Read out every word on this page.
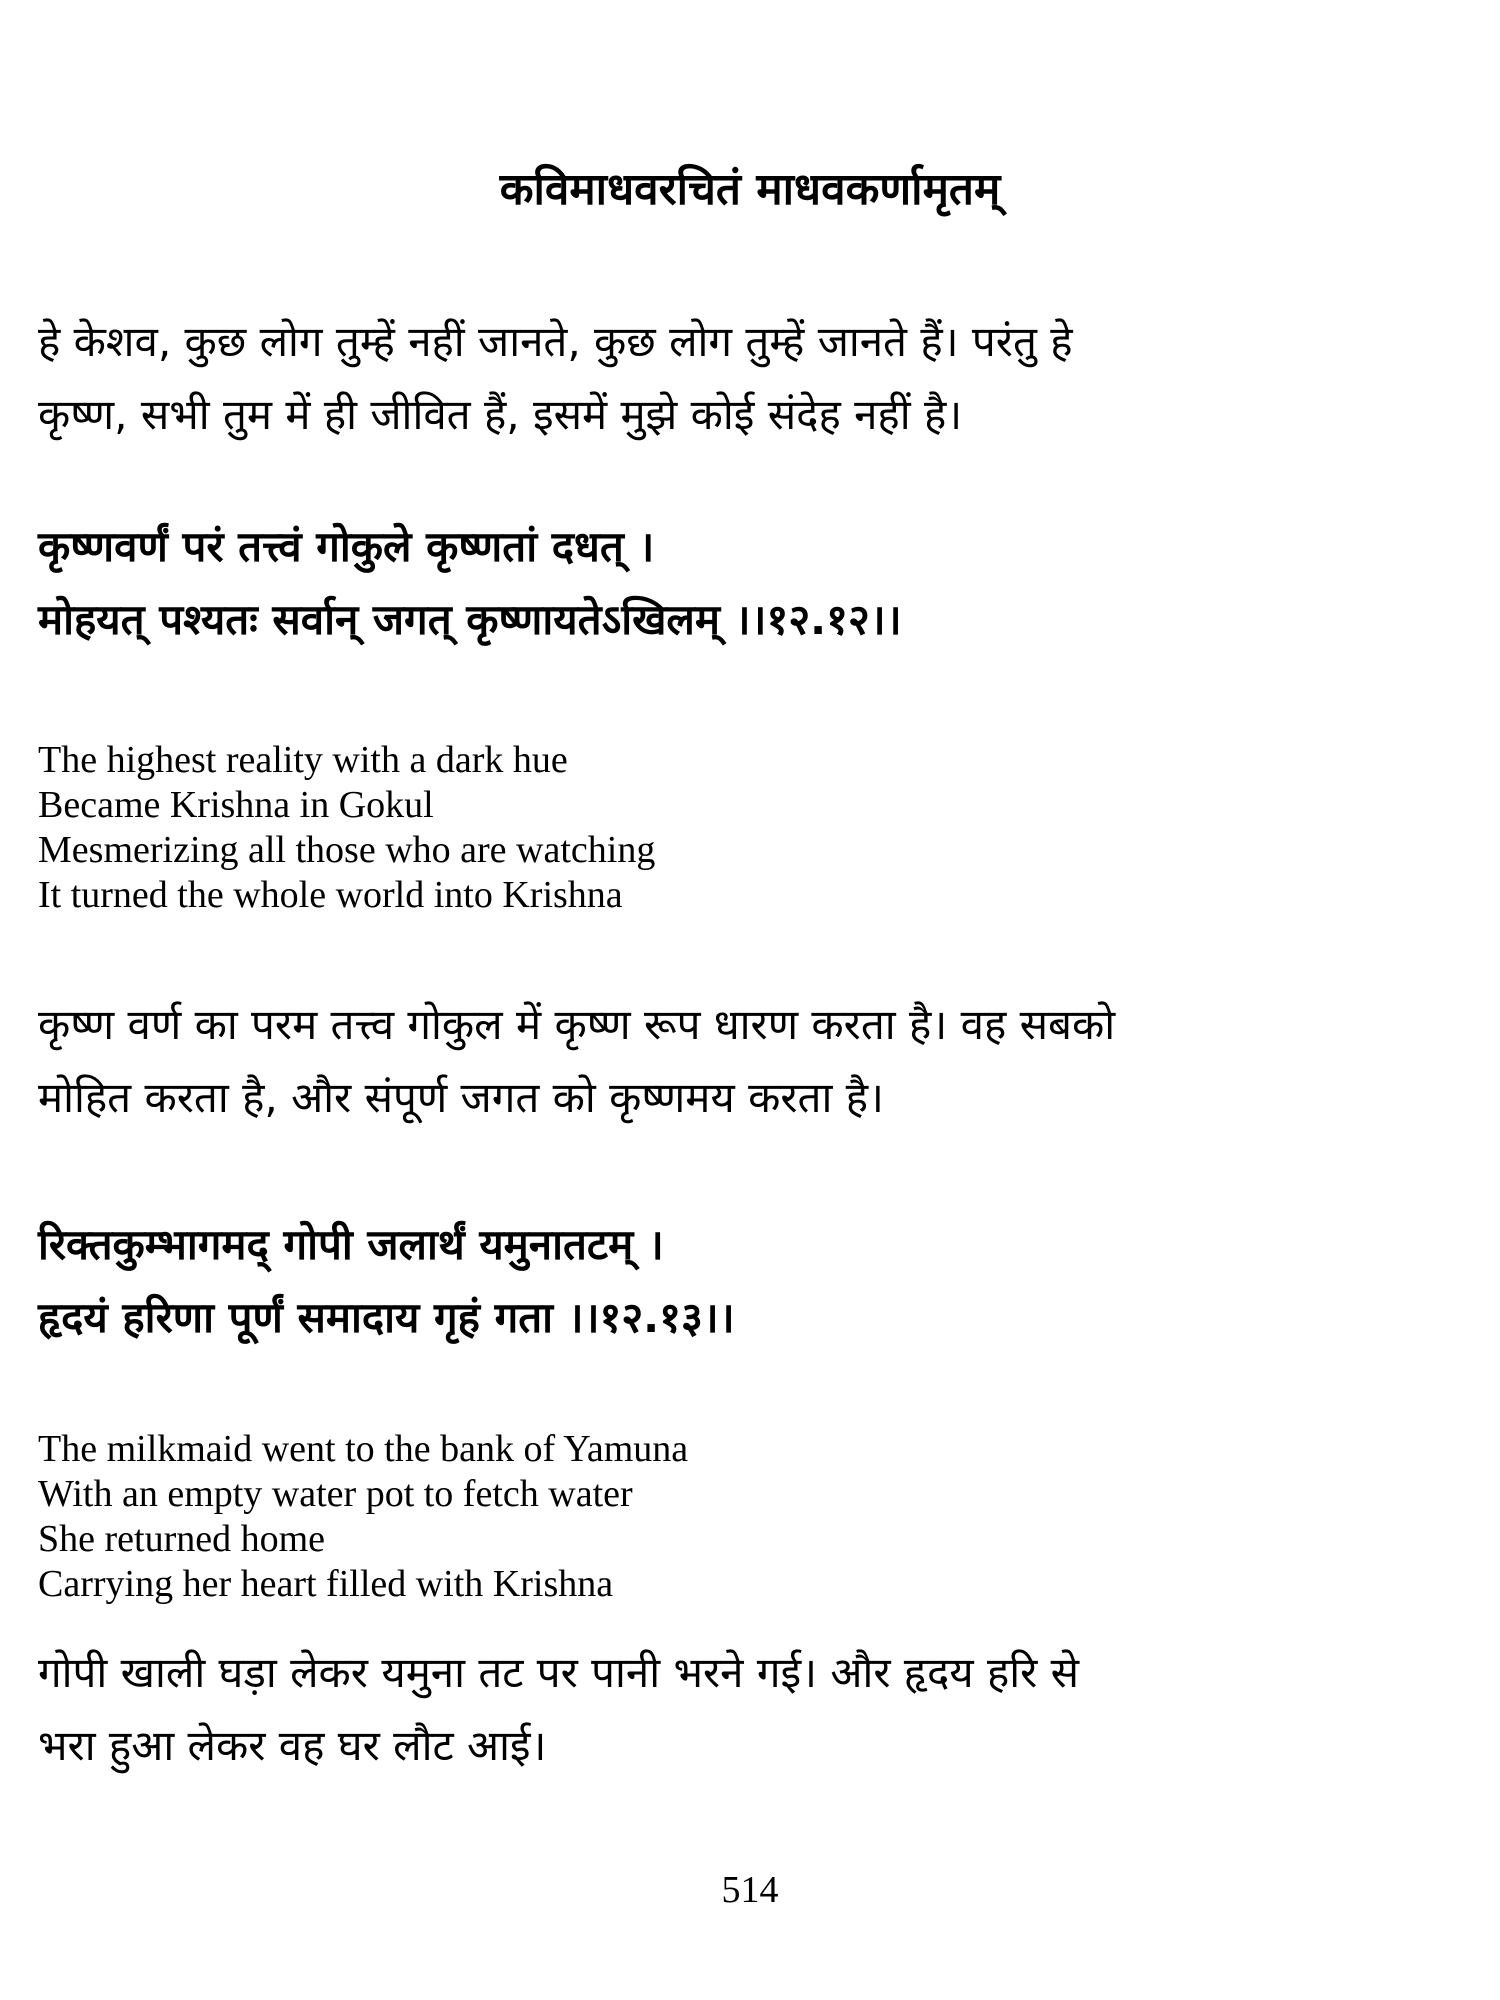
कविमाधवरचितं माधवकर्णामृतम्
हे केशव, कुछ लोग तुम्हें नहीं जानते, कुछ लोग तुम्हें जानते हैं। परंतु हे
कृष्ण, सभी तुम में ही जीवित हैं, इसमें मुझे कोई संदेह नहीं है।
कृष्णवर्णं परं तत्त्वं गोकुले कृष्णतां दधत् ।
मोहयत् पश्यतः सर्वान् जगत् कृष्णायतेऽखिलम् ।।१२.१२।।
The highest reality with a dark hue
Became Krishna in Gokul
Mesmerizing all those who are watching
It turned the whole world into Krishna
कृष्ण वर्ण का परम तत्त्व गोकुल में कृष्ण रूप धारण करता है। वह सबको
मोहित करता है, और संपूर्ण जगत को कृष्णमय करता है।
रिक्तकुम्भागमद् गोपी जलार्थं यमुनातटम् ।
हृदयं हरिणा पूर्णं समादाय गृहं गता ।।१२.१३।।
The milkmaid went to the bank of Yamuna
With an empty water pot to fetch water
She returned home
Carrying her heart filled with Krishna
गोपी खाली घड़ा लेकर यमुना तट पर पानी भरने गई। और हृदय हरि से
भरा हुआ लेकर वह घर लौट आई।
514
